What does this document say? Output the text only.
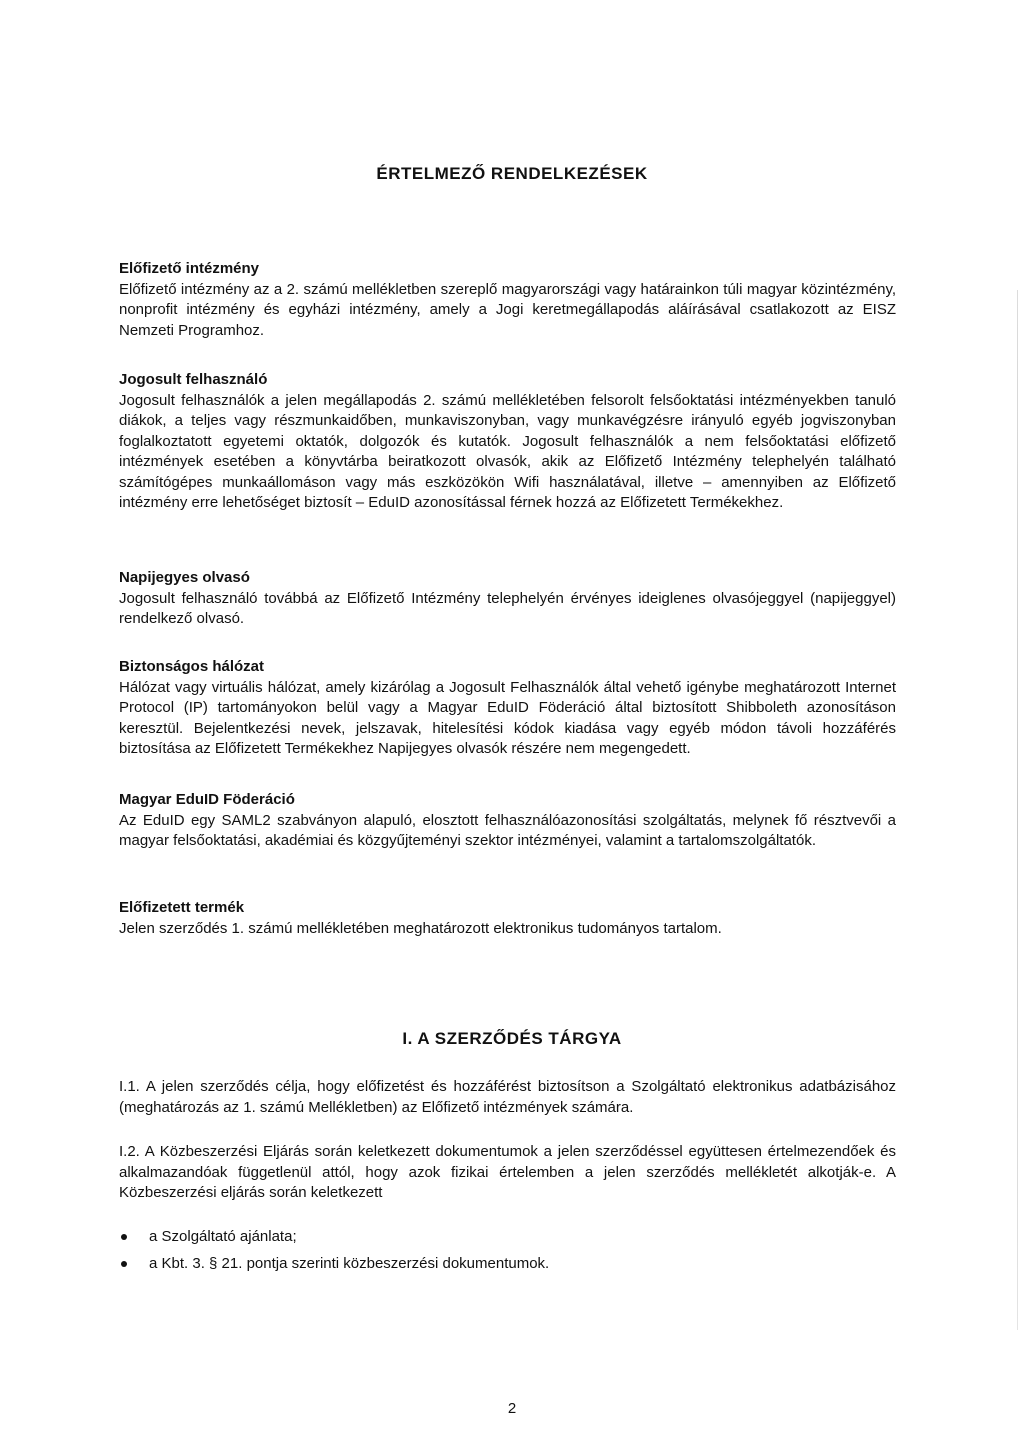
ÉRTELMEZŐ RENDELKEZÉSEK
Előfizető intézmény
Előfizető intézmény az a 2. számú mellékletben szereplő magyarországi vagy határainkon túli magyar közintézmény, nonprofit intézmény és egyházi intézmény, amely a Jogi keretmegállapodás aláírásával csatlakozott az EISZ Nemzeti Programhoz.
Jogosult felhasználó
Jogosult felhasználók a jelen megállapodás 2. számú mellékletében felsorolt felsőoktatási intézményekben tanuló diákok, a teljes vagy részmunkaidőben, munkaviszonyban, vagy munkavégzésre irányuló egyéb jogviszonyban foglalkoztatott egyetemi oktatók, dolgozók és kutatók. Jogosult felhasználók a nem felsőoktatási előfizető intézmények esetében a könyvtárba beiratkozott olvasók, akik az Előfizető Intézmény telephelyén található számítógépes munkaállomáson vagy más eszközökön Wifi használatával, illetve – amennyiben az Előfizető intézmény erre lehetőséget biztosít – EduID azonosítással férnek hozzá az Előfizetett Termékekhez.
Napijegyes olvasó
Jogosult felhasználó továbbá az Előfizető Intézmény telephelyén érvényes ideiglenes olvasójeggyel (napijeggyel) rendelkező olvasó.
Biztonságos hálózat
Hálózat vagy virtuális hálózat, amely kizárólag a Jogosult Felhasználók által vehető igénybe meghatározott Internet Protocol (IP) tartományokon belül vagy a Magyar EduID Föderáció által biztosított Shibboleth azonosításon keresztül. Bejelentkezési nevek, jelszavak, hitelesítési kódok kiadása vagy egyéb módon távoli hozzáférés biztosítása az Előfizetett Termékekhez Napijegyes olvasók részére nem megengedett.
Magyar EduID Föderáció
Az EduID egy SAML2 szabványon alapuló, elosztott felhasználóazonosítási szolgáltatás, melynek fő résztvevői a magyar felsőoktatási, akadémiai és közgyűjteményi szektor intézményei, valamint a tartalomszolgáltatók.
Előfizetett termék
Jelen szerződés 1. számú mellékletében meghatározott elektronikus tudományos tartalom.
I. A SZERZŐDÉS TÁRGYA

I.1. A jelen szerződés célja, hogy előfizetést és hozzáférést biztosítson a Szolgáltató elektronikus adatbázisához (meghatározás az 1. számú Mellékletben) az Előfizető intézmények számára.

I.2. A Közbeszerzési Eljárás során keletkezett dokumentumok a jelen szerződéssel együttesen értelmezendőek és alkalmazandóak függetlenül attól, hogy azok fizikai értelemben a jelen szerződés mellékletét alkotják-e. A Közbeszerzési eljárás során keletkezett

a Szolgáltató ajánlata;
a Kbt. 3. § 21. pontja szerinti közbeszerzési dokumentumok.
2
